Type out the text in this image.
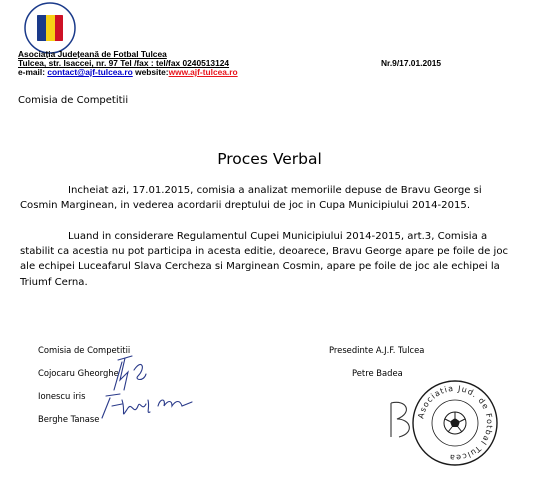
Asociația Județeană de Fotbal Tulcea
Tulcea, str. Isaccei, nr. 97 Tel /fax : tel/fax 0240513124	Nr.9/17.01.2015
e-mail: contact@ajf-tulcea.ro website:www.ajf-tulcea.ro
Comisia de Competitii
Proces Verbal
Incheiat azi, 17.01.2015, comisia a analizat memoriile depuse de Bravu George si Cosmin Marginean, in vederea acordarii dreptului de joc in Cupa Municipiului 2014-2015.
Luand in considerare Regulamentul Cupei Municipiului 2014-2015, art.3, Comisia a stabilit ca acestia nu pot participa in acesta editie, deoarece, Bravu George apare pe foile de joc ale echipei Luceafarul Slava Cercheza si Marginean Cosmin, apare pe foile de joc ale echipei la Triumf Cerna.
Comisia de Competitii
Cojocaru Gheorghe
Ionescu iris
Berghe Tanase
Presedinte A.J.F. Tulcea
Petre Badea
Asociatia Jud. de Fotbal Tulcea
